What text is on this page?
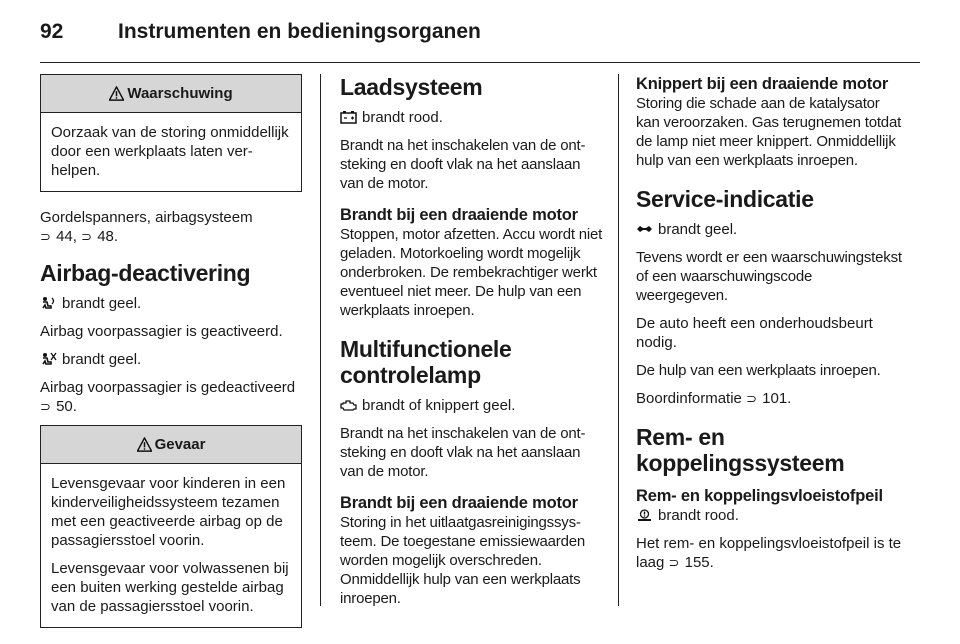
92	Instrumenten en bedieningsorganen
Waarschuwing

Oorzaak van de storing onmiddellijk door een werkplaats laten verhelpen.

Gordelspanners, airbagsysteem
⊃ 44, ⊃ 48.

Airbag-deactivering

brandt geel.

Airbag voorpassagier is geactiveerd.

brandt geel.

Airbag voorpassagier is gedeactiveerd ⊃ 50.

Gevaar

Levensgevaar voor kinderen in een kinderveiligheidssysteem tezamen met een geactiveerde airbag op de passagiersstoel voorin.

Levensgevaar voor volwassenen bij een buiten werking gestelde airbag van de passagiersstoel voorin.

Laadsysteem

brandt rood.

Brandt na het inschakelen van de ontsteking en dooft vlak na het aanslaan van de motor.

Brandt bij een draaiende motor

Stoppen, motor afzetten. Accu wordt niet geladen. Motorkoeling wordt mogelijk onderbroken. De rembekrachtiger werkt eventueel niet meer. De hulp van een werkplaats inroepen.

Multifunctionele controlelamp

brandt of knippert geel.

Brandt na het inschakelen van de ontsteking en dooft vlak na het aanslaan van de motor.

Brandt bij een draaiende motor

Storing in het uitlaatgasreinigingssysteem. De toegestane emissiewaarden worden mogelijk overschreden. Onmiddellijk hulp van een werkplaats inroepen.

Knippert bij een draaiende motor

Storing die schade aan de katalysator kan veroorzaken. Gas terugnemen totdat de lamp niet meer knippert. Onmiddellijk hulp van een werkplaats inroepen.

Service-indicatie

brandt geel.

Tevens wordt er een waarschuwingstekst of een waarschuwingscode weergegeven.

De auto heeft een onderhoudsbeurt nodig.

De hulp van een werkplaats inroepen.

Boordinformatie ⊃ 101.

Rem- en koppelingssysteem
Rem- en koppelingsvloeistofpeil

brandt rood.

Het rem- en koppelingsvloeistofpeil is te laag ⊃ 155.
